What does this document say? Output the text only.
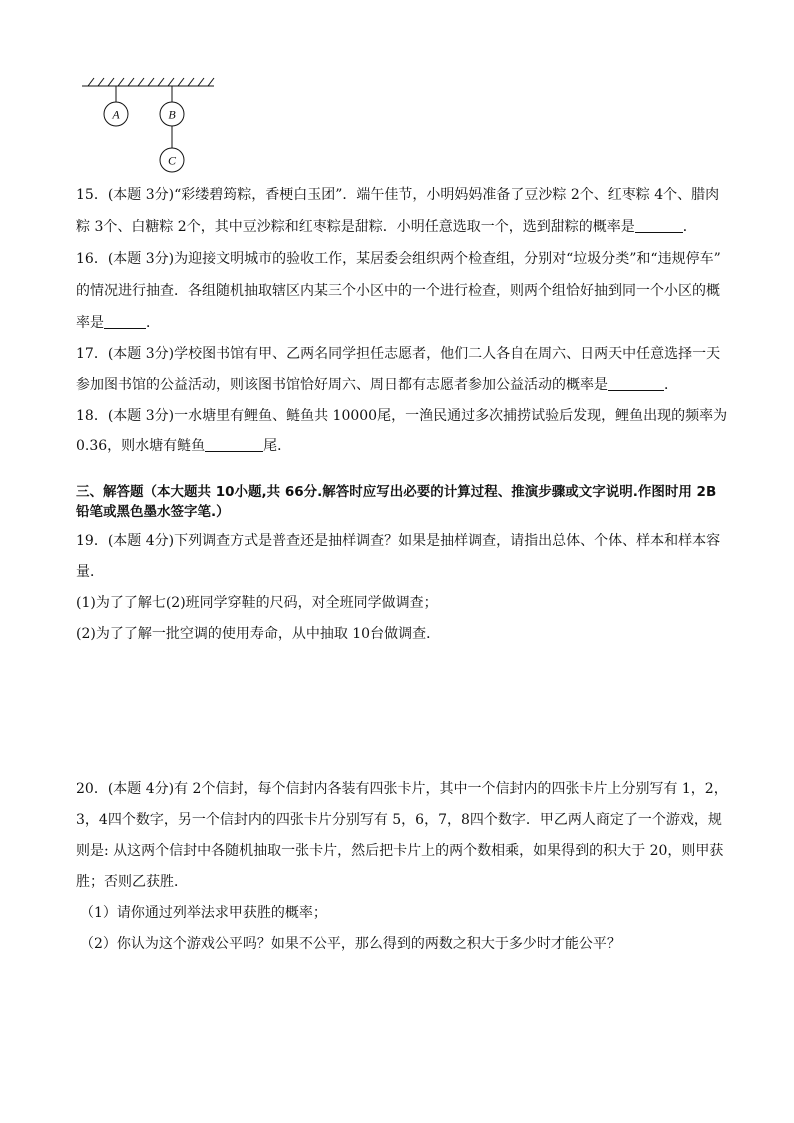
A	B
C
15．(本题 3分)“彩缕碧筠粽，香梗白玉团”．端午佳节，小明妈妈准备了豆沙粽 2个、红枣粽 4个、腊肉
粽 3个、白糖粽 2个，其中豆沙粽和红枣粽是甜粽．小明任意选取一个，选到甜粽的概率是	．
16．(本题 3分)为迎接文明城市的验收工作，某居委会组织两个检查组，分别对“垃圾分类”和“违规停车”
的情况进行抽查．各组随机抽取辖区内某三个小区中的一个进行检查，则两个组恰好抽到同一个小区的概
率是	．
17．(本题 3分)学校图书馆有甲、乙两名同学担任志愿者，他们二人各自在周六、日两天中任意选择一天
参加图书馆的公益活动，则该图书馆恰好周六、周日都有志愿者参加公益活动的概率是	．
18．(本题 3分)一水塘里有鲤鱼、鲢鱼共 10000尾，一渔民通过多次捕捞试验后发现，鲤鱼出现的频率为
0.36，则水塘有鲢鱼	尾．
三、解答题（本大题共 10小题,共 66分.解答时应写出必要的计算过程、推演步骤或文字说明.作图时用 2B
铅笔或黑色墨水签字笔.）
19．(本题 4分)下列调查方式是普查还是抽样调查？如果是抽样调查，请指出总体、个体、样本和样本容
量．
(1)为了了解七(2)班同学穿鞋的尺码，对全班同学做调查；
(2)为了了解一批空调的使用寿命，从中抽取 10台做调查．
20．(本题 4分)有 2个信封，每个信封内各装有四张卡片，其中一个信封内的四张卡片上分别写有 1，2，
3，4四个数字，另一个信封内的四张卡片分别写有 5，6，7，8四个数字．甲乙两人商定了一个游戏，规
则是: 从这两个信封中各随机抽取一张卡片，然后把卡片上的两个数相乘，如果得到的积大于 20，则甲获
胜；否则乙获胜．
（1）请你通过列举法求甲获胜的概率；
（2）你认为这个游戏公平吗？如果不公平，那么得到的两数之积大于多少时才能公平？
